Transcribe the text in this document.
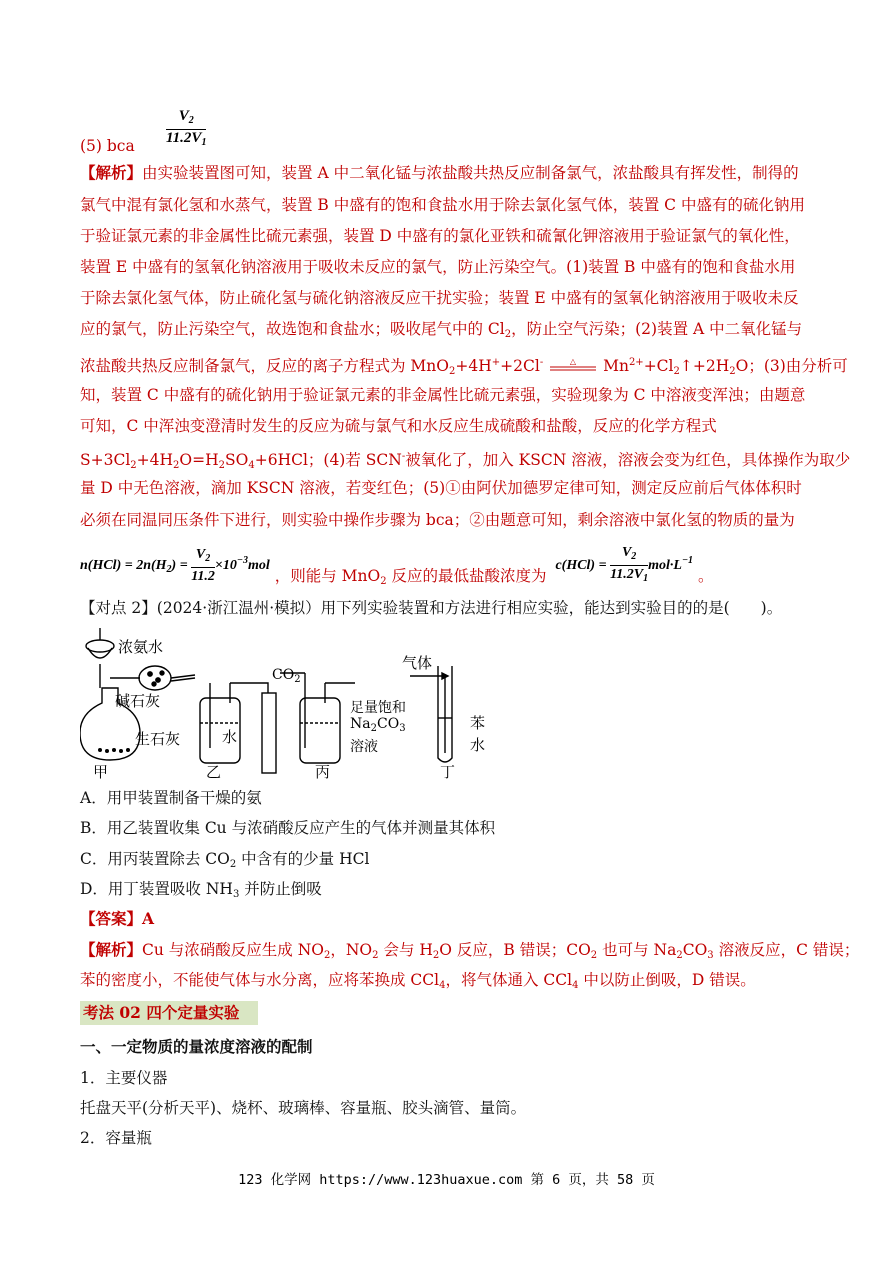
(5) bca $\frac{V_2}{11.2V_1}$
【解析】由实验装置图可知，装置 A 中二氧化锰与浓盐酸共热反应制备氯气，浓盐酸具有挥发性，制得的
氯气中混有氯化氢和水蒸气，装置 B 中盛有的饱和食盐水用于除去氯化氢气体，装置 C 中盛有的硫化钠用
于验证氯元素的非金属性比硫元素强，装置 D 中盛有的氯化亚铁和硫氰化钾溶液用于验证氯气的氧化性，
装置 E 中盛有的氢氧化钠溶液用于吸收未反应的氯气，防止污染空气。(1)装置 B 中盛有的饱和食盐水用
于除去氯化氢气体，防止硫化氢与硫化钠溶液反应干扰实验；装置 E 中盛有的氢氧化钠溶液用于吸收未反
应的氯气，防止污染空气，故选饱和食盐水；吸收尾气中的 $Cl_2$，防止空气污染；(2)装置 A 中二氧化锰与
浓盐酸共热反应制备氯气，反应的离子方程式为 MnO$_2$+4H++2Cl-	△ $Mn^{2+}+Cl_2↑+2H_2O$；(3)由分析可
知，装置 C 中盛有的硫化钠用于验证氯元素的非金属性比硫元素强，实验现象为 C 中溶液变浑浊；由题意
可知，C 中浑浊变澄清时发生的反应为硫与氯气和水反应生成硫酸和盐酸，反应的化学方程式
$S+3Cl_2+4H_2O=H_2SO_4+6HCl$；(4)若 SCN-被氧化了，加入 KSCN 溶液，溶液会变为红色，具体操作为取少
量 D 中无色溶液，滴加 KSCN 溶液，若变红色；(5)①由阿伏加德罗定律可知，测定反应前后气体体积时
必须在同温同压条件下进行，则实验中操作步骤为 bca；②由题意可知，剩余溶液中氯化氢的物质的量为
$n(HCl) = 2n(H_2) = \frac{V_2}{11.2} \times 10^{-3}mol$ ，则能与 MnO$_2$ 反应的最低盐酸浓度为 $c(HCl) = \frac{V_2}{11.2V_1} mol\cdot L^{-1}$ 。
【对点 2】(2024·浙江温州·模拟）用下列实验装置和方法进行相应实验，能达到实验目的的是(　　)。
浓氨水
碱石灰
生石灰	水
$CO_2$
足量饱和
$Na_2CO_3$
溶液
气体
苯
水
甲	乙	丙	丁
A．用甲装置制备干燥的氨
B．用乙装置收集 Cu 与浓硝酸反应产生的气体并测量其体积
C．用丙装置除去 $CO_2$ 中含有的少量 HCl
D．用丁装置吸收 $NH_3$ 并防止倒吸
【答案】A
【解析】Cu 与浓硝酸反应生成 $NO_2$，$NO_2$ 会与 $H_2O$ 反应，B 错误；$CO_2$ 也可与 $Na_2CO_3$ 溶液反应，C 错误；
苯的密度小，不能使气体与水分离，应将苯换成 CCl$_4$，将气体通入 CCl$_4$ 中以防止倒吸，D 错误。
考法 02 四个定量实验
一、一定物质的量浓度溶液的配制
1．主要仪器
托盘天平(分析天平)、烧杯、玻璃棒、容量瓶、胶头滴管、量筒。
2．容量瓶
123 化学网 https://www.123huaxue.com 第 6 页，共 58 页
